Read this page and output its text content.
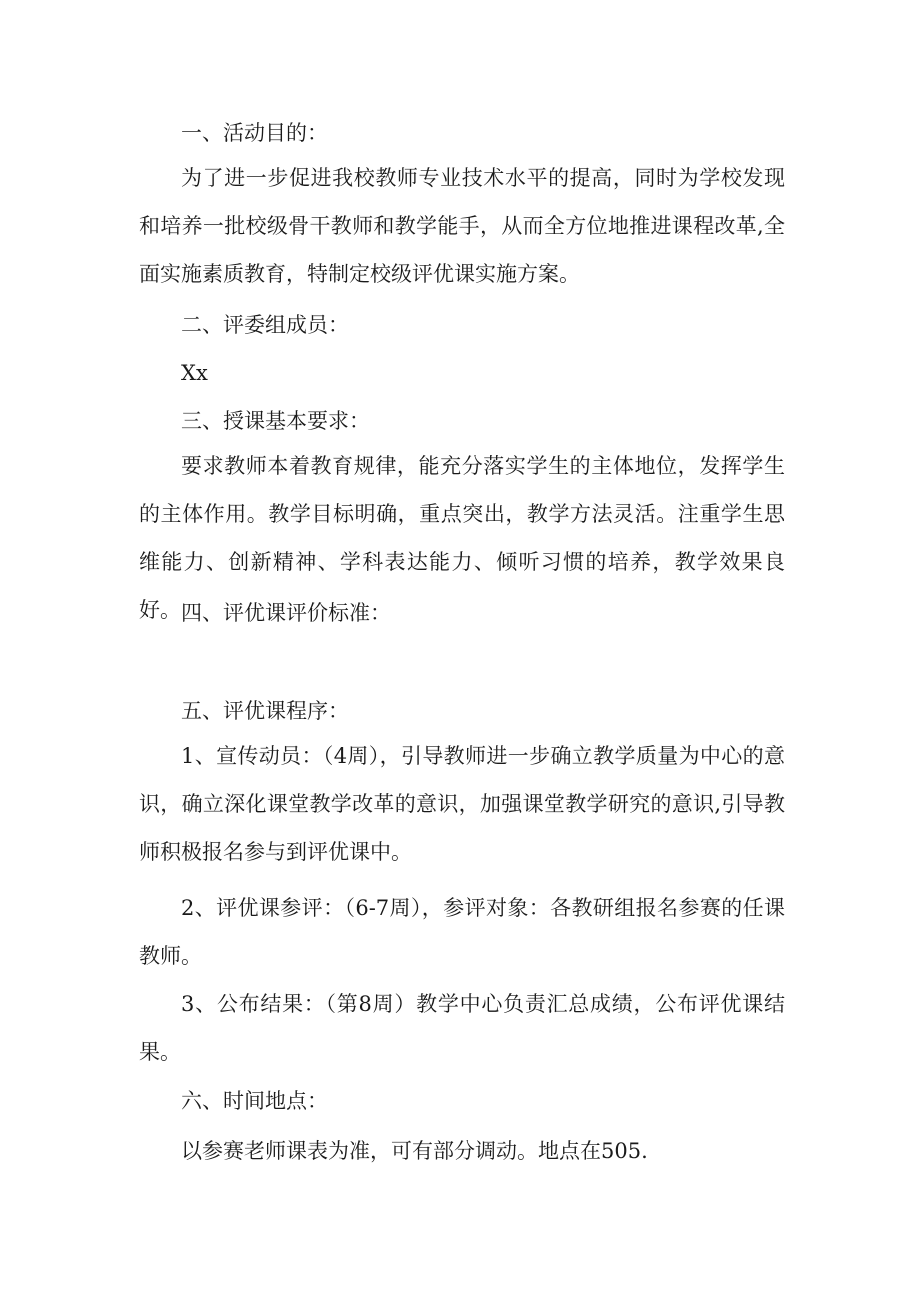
一、活动目的：
为了进一步促进我校教师专业技术水平的提高，同时为学校发现和培养一批校级骨干教师和教学能手，从而全方位地推进课程改革,全面实施素质教育，特制定校级评优课实施方案。
二、评委组成员：
Xx
三、授课基本要求：
要求教师本着教育规律，能充分落实学生的主体地位，发挥学生的主体作用。教学目标明确，重点突出，教学方法灵活。注重学生思维能力、创新精神、学科表达能力、倾听习惯的培养，教学效果良好。 四、评优课评价标准：
五、评优课程序：
1、宣传动员：（4周），引导教师进一步确立教学质量为中心的意识，确立深化课堂教学改革的意识，加强课堂教学研究的意识,引导教师积极报名参与到评优课中。
2、评优课参评：（6-7周），参评对象：各教研组报名参赛的任课教师。
3、公布结果：（第8周）教学中心负责汇总成绩，公布评优课结果。
六、时间地点：
以参赛老师课表为准，可有部分调动。地点在505.
